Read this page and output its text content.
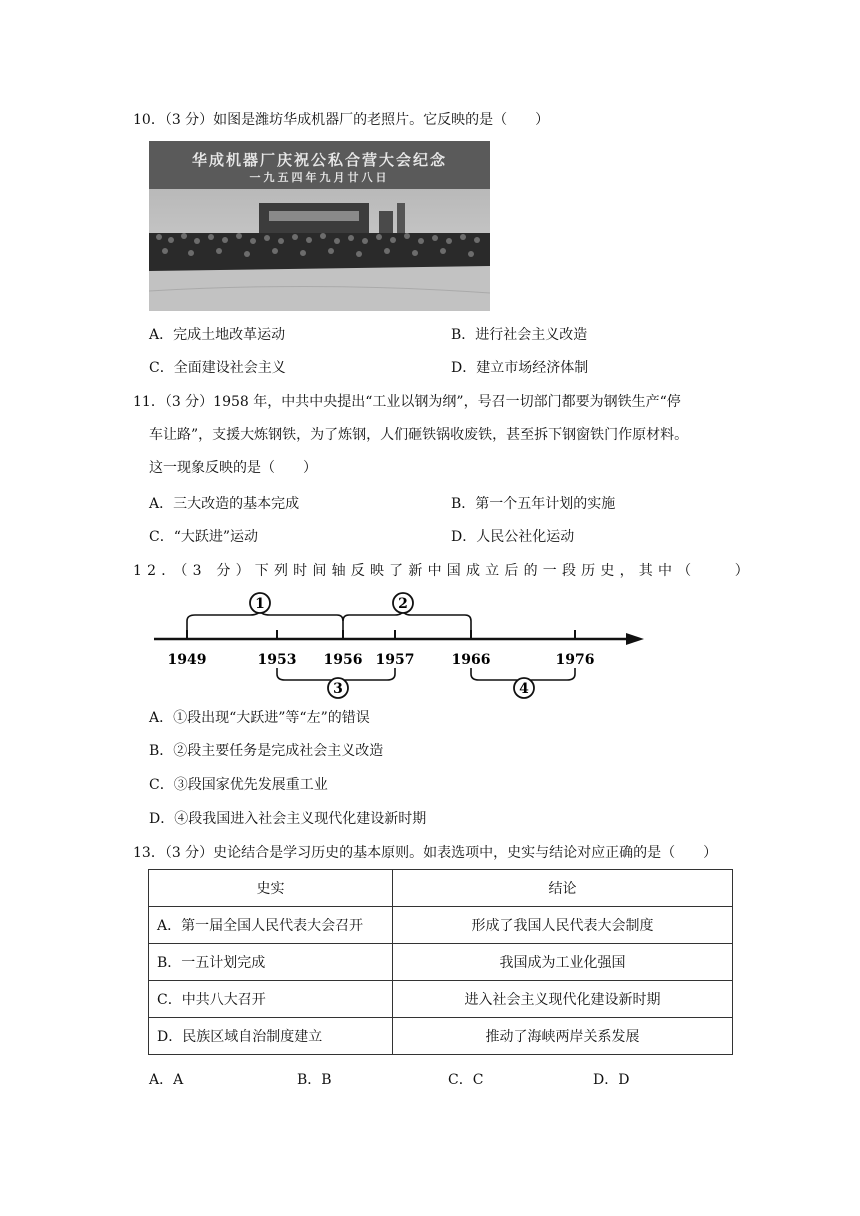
10．（3 分）如图是潍坊华成机器厂的老照片。它反映的是（　　）
华成机器厂庆祝公私合营大会纪念
一九五四年九月廿八日
A．完成土地改革运动	B．进行社会主义改造
C．全面建设社会主义	D．建立市场经济体制
11．（3 分）1958 年，中共中央提出“工业以钢为纲”，号召一切部门都要为钢铁生产“停
车让路”，支援大炼钢铁，为了炼钢，人们砸铁锅收废铁，甚至拆下钢窗铁门作原材料。
这一现象反映的是（　　）
A．三大改造的基本完成	B．第一个五年计划的实施
C．“大跃进”运动	D．人民公社化运动
12．（3 分）下列时间轴反映了新中国成立后的一段历史，其中（　　）
1949	1953 1956 1957	1966	1976
1	2
3	4
A．①段出现“大跃进”等“左”的错误
B．②段主要任务是完成社会主义改造
C．③段国家优先发展重工业
D．④段我国进入社会主义现代化建设新时期
13．（3 分）史论结合是学习历史的基本原则。如表选项中，史实与结论对应正确的是（　　）
史实	结论
A．第一届全国人民代表大会召开	形成了我国人民代表大会制度
B．一五计划完成	我国成为工业化强国
C．中共八大召开	进入社会主义现代化建设新时期
D．民族区域自治制度建立	推动了海峡两岸关系发展
A．A	B．B	C．C	D．D
